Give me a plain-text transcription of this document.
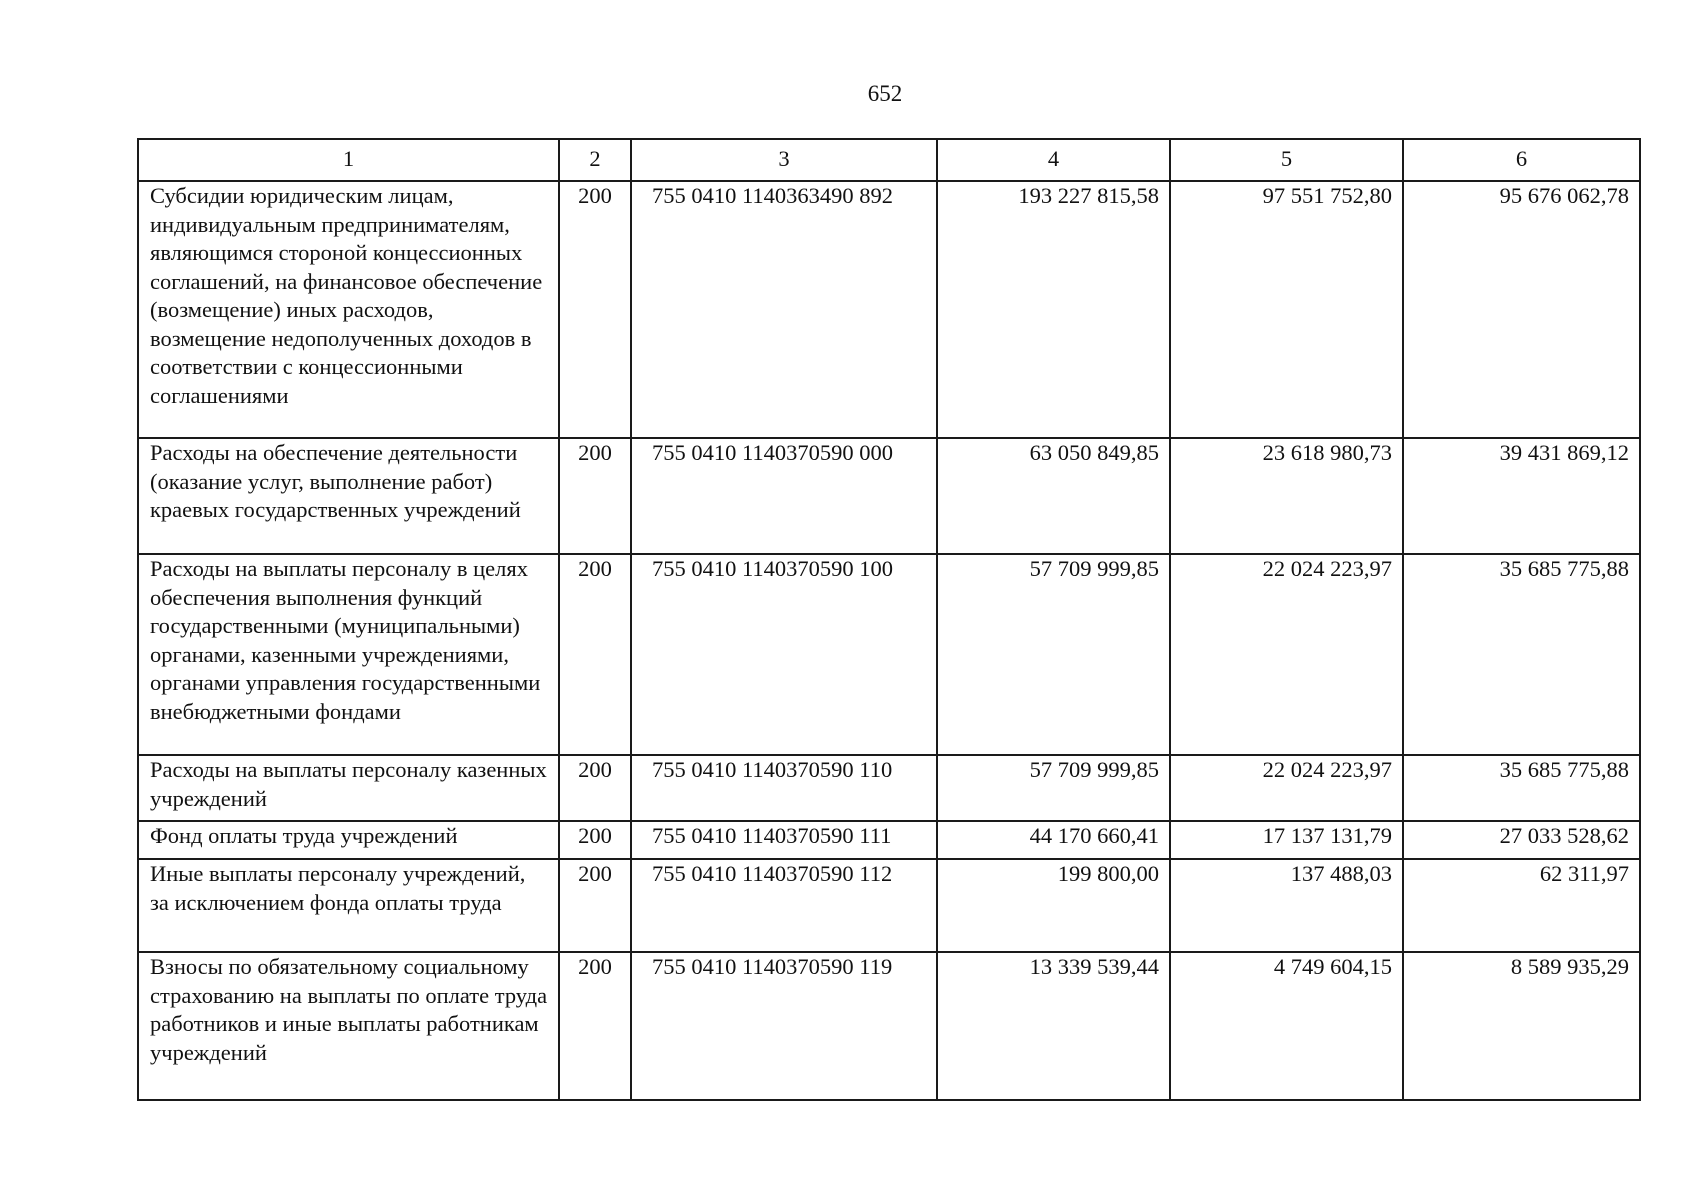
652
1	2	3	4	5	6
Субсидии юридическим лицам, индивидуальным предпринимателям, являющимся стороной концессионных соглашений, на финансовое обеспечение (возмещение) иных расходов, возмещение недополученных доходов в соответствии с концессионными соглашениями	200	755 0410 1140363490 892	193 227 815,58	97 551 752,80	95 676 062,78
Расходы на обеспечение деятельности (оказание услуг, выполнение работ) краевых государственных учреждений	200	755 0410 1140370590 000	63 050 849,85	23 618 980,73	39 431 869,12
Расходы на выплаты персоналу в целях обеспечения выполнения функций государственными (муниципальными) органами, казенными учреждениями, органами управления государственными внебюджетными фондами	200	755 0410 1140370590 100	57 709 999,85	22 024 223,97	35 685 775,88
Расходы на выплаты персоналу казенных учреждений	200	755 0410 1140370590 110	57 709 999,85	22 024 223,97	35 685 775,88
Фонд оплаты труда учреждений	200	755 0410 1140370590 111	44 170 660,41	17 137 131,79	27 033 528,62
Иные выплаты персоналу учреждений, за исключением фонда оплаты труда	200	755 0410 1140370590 112	199 800,00	137 488,03	62 311,97
Взносы по обязательному социальному страхованию на выплаты по оплате труда работников и иные выплаты работникам учреждений	200	755 0410 1140370590 119	13 339 539,44	4 749 604,15	8 589 935,29
